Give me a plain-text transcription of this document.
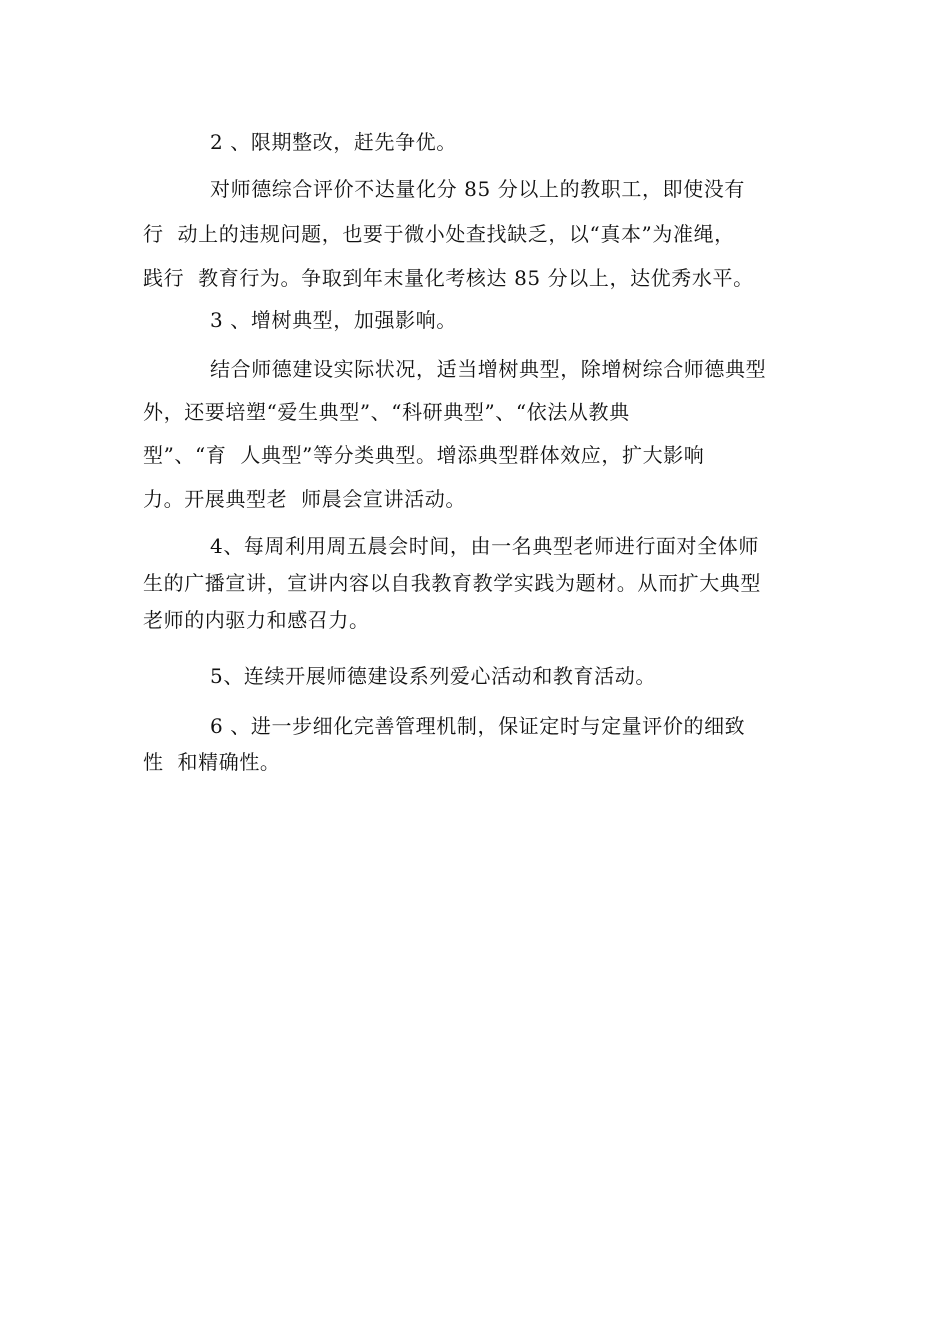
2 、限期整改，赶先争优。
对师德综合评价不达量化分 85 分以上的教职工，即使没有
行  动上的违规问题，也要于微小处查找缺乏，以“真本”为准绳，
践行  教育行为。争取到年末量化考核达 85 分以上，达优秀水平。
3 、增树典型，加强影响。
结合师德建设实际状况，适当增树典型，除增树综合师德典型
外，还要培塑“爱生典型”、“科研典型”、“依法从教典
型”、“育  人典型”等分类典型。增添典型群体效应，扩大影响
力。开展典型老  师晨会宣讲活动。
4、每周利用周五晨会时间，由一名典型老师进行面对全体师
生的广播宣讲，宣讲内容以自我教育教学实践为题材。从而扩大典型
老师的内驱力和感召力。
5、连续开展师德建设系列爱心活动和教育活动。
6 、进一步细化完善管理机制，保证定时与定量评价的细致
性  和精确性。
